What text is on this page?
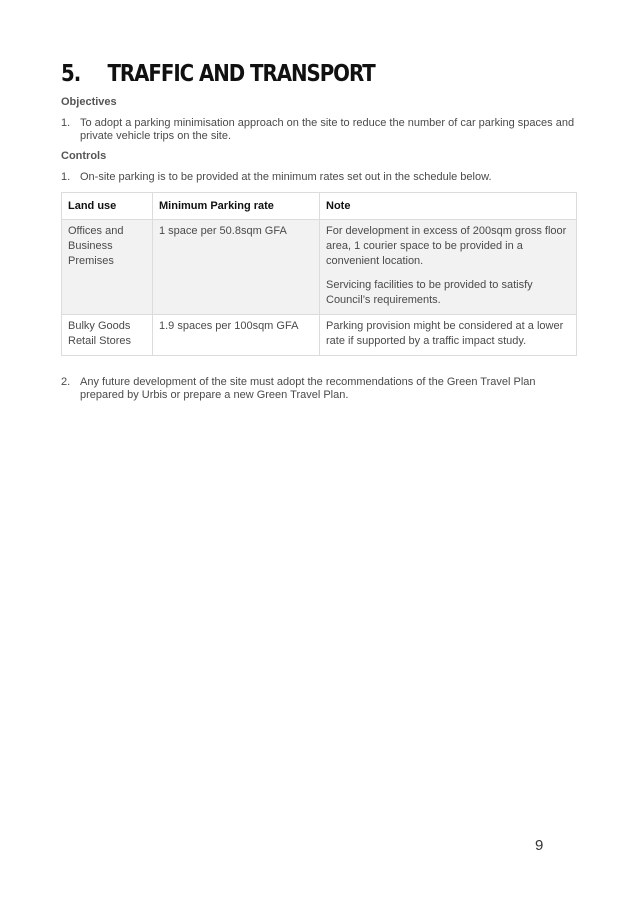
5.	TRAFFIC AND TRANSPORT
Objectives
1. To adopt a parking minimisation approach on the site to reduce the number of car parking spaces and private vehicle trips on the site.
Controls
1. On-site parking is to be provided at the minimum rates set out in the schedule below.
Land use	Minimum Parking rate	Note
Offices and Business Premises	1 space per 50.8sqm GFA	For development in excess of 200sqm gross floor area, 1 courier space to be provided in a convenient location.

Servicing facilities to be provided to satisfy Council’s requirements.

Bulky Goods Retail Stores	1.9 spaces per 100sqm GFA	Parking provision might be considered at a lower rate if supported by a traffic impact study.

2. Any future development of the site must adopt the recommendations of the Green Travel Plan prepared by Urbis or prepare a new Green Travel Plan.
9
